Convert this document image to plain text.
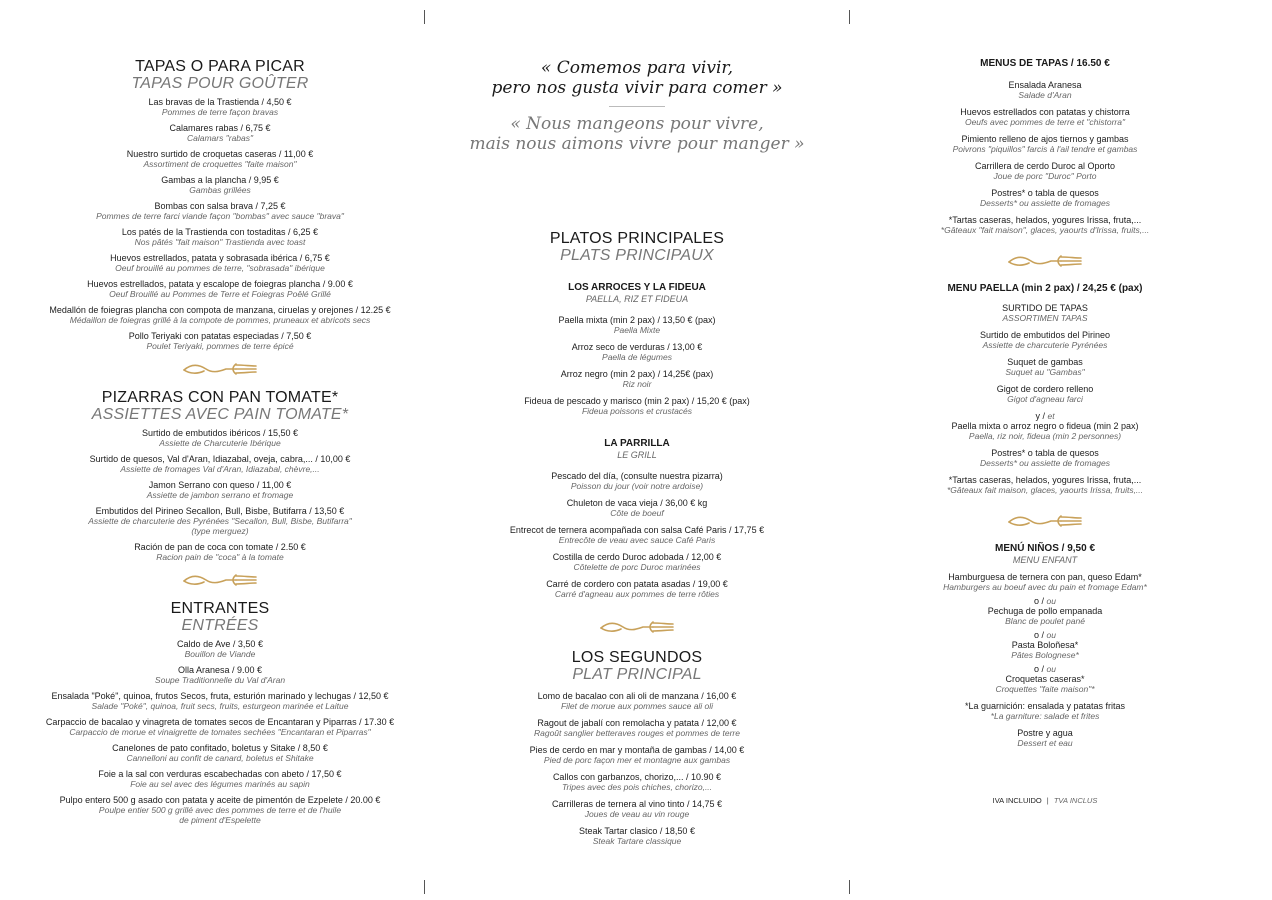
TAPAS O PARA PICAR
TAPAS POUR GOÛTER
Las bravas de la Trastienda / 4,50 €
Pommes de terre façon bravas
Calamares rabas / 6,75 €
Calamars "rabas"
Nuestro surtido de croquetas caseras / 11,00 €
Assortiment de croquettes "faite maison"
Gambas a la plancha / 9,95 €
Gambas grillées
Bombas con salsa brava / 7,25 €
Pommes de terre farci viande façon "bombas" avec sauce "brava"
Los patés de la Trastienda con tostaditas / 6,25 €
Nos pâtés "fait maison" Trastienda avec toast
Huevos estrellados, patata y sobrasada ibérica / 6,75 €
Oeuf brouillé au pommes de terre, "sobrasada" ibérique
Huevos estrellados, patata y escalope de foiegras plancha / 9.00 €
Oeuf Brouillé au Pommes de Terre et Foiegras Poêlé Grillé
Medallón de foiegras plancha con compota de manzana, ciruelas y orejones / 12.25 €
Médaillon de foiegras grillé à la compote de pommes, pruneaux et abricots secs
Pollo Teriyaki con patatas especiadas / 7,50 €
Poulet Teriyaki, pommes de terre épicé
PIZARRAS CON PAN TOMATE*
ASSIETTES AVEC PAIN TOMATE*
Surtido de embutidos ibéricos / 15,50 €
Assiette de Charcuterie Ibérique
Surtido de quesos, Val d'Aran, Idiazabal, oveja, cabra,... / 10,00 €
Assiette de fromages Val d'Aran, Idiazabal, chèvre,...
Jamon Serrano con queso / 11,00 €
Assiette de jambon serrano et fromage
Embutidos del Pirineo Secallon, Bull, Bisbe, Butifarra / 13,50 €
Assiette de charcuterie des Pyrénées "Secallon, Bull, Bisbe, Butifarra"
(type merguez)
Ración de pan de coca con tomate / 2.50 €
Racion pain de "coca" à la tomate
ENTRANTES
ENTRÉES
Caldo de Ave / 3,50 €
Bouillon de Viande
Olla Aranesa / 9.00 €
Soupe Traditionnelle du Val d'Aran
Ensalada "Poké", quinoa, frutos Secos, fruta, esturión marinado y lechugas / 12,50 €
Salade "Poké", quinoa, fruit secs, fruits, esturgeon marinée et Laitue
Carpaccio de bacalao y vinagreta de tomates secos de Encantaran y Piparras / 17.30 €
Carpaccio de morue et vinaigrette de tomates sechées "Encantaran et Piparras"
Canelones de pato confitado, boletus y Sitake / 8,50 €
Cannelloni au confit de canard, boletus et Shitake
Foie a la sal con verduras escabechadas con abeto / 17,50 €
Foie au sel avec des légumes marinés au sapin
Pulpo entero 500 g asado con patata y aceite de pimentón de Ezpelete / 20.00 €
Poulpe entier 500 g grillé avec des pommes de terre et de l'huile
de piment d'Espelette
« Comemos para vivir,
pero nos gusta vivir para comer »
« Nous mangeons pour vivre,
mais nous aimons vivre pour manger »
PLATOS PRINCIPALES
PLATS PRINCIPAUX
LOS ARROCES Y LA FIDEUA
PAELLA, RIZ ET FIDEUA
Paella mixta (min 2 pax) / 13,50 € (pax)
Paella Mixte
Arroz seco de verduras / 13,00 €
Paella de légumes
Arroz negro (min 2 pax) / 14,25€ (pax)
Riz noir
Fideua de pescado y marisco (min 2 pax) / 15,20 € (pax)
Fideua poissons et crustacés
LA PARRILLA
LE GRILL
Pescado del día, (consulte nuestra pizarra)
Poisson du jour (voir notre ardoise)
Chuleton de vaca vieja / 36,00 € kg
Côte de boeuf
Entrecot de ternera acompañada con salsa Café Paris / 17,75 €
Entrecôte de veau avec sauce Café Paris
Costilla de cerdo Duroc adobada / 12,00 €
Côtelette de porc Duroc marinées
Carré de cordero con patata asadas / 19,00 €
Carré d'agneau aux pommes de terre rôties
LOS SEGUNDOS
PLAT PRINCIPAL
Lomo de bacalao con ali oli de manzana / 16,00 €
Filet de morue aux pommes sauce ali oli
Ragout de jabalí con remolacha y patata / 12,00 €
Ragoût sanglier betteraves rouges et pommes de terre
Pies de cerdo en mar y montaña de gambas / 14,00 €
Pied de porc façon mer et montagne aux gambas
Callos con garbanzos, chorizo,... / 10.90 €
Tripes avec des pois chiches, chorizo,...
Carrilleras de ternera al vino tinto / 14,75 €
Joues de veau au vin rouge
Steak Tartar clasico / 18,50 €
Steak Tartare classique
MENUS DE TAPAS / 16.50 €
Ensalada Aranesa
Salade d'Aran
Huevos estrellados con patatas y chistorra
Oeufs avec pommes de terre et "chistorra"
Pimiento relleno de ajos tiernos y gambas
Poivrons "piquillos" farcis à l'ail tendre et gambas
Carrillera de cerdo Duroc al Oporto
Joue de porc "Duroc" Porto
Postres* o tabla de quesos
Desserts* ou assiette de fromages
*Tartas caseras, helados, yogures Irissa, fruta,...
*Gâteaux "fait maison", glaces, yaourts d'Irissa, fruits,...
MENU PAELLA (min 2 pax) / 24,25 € (pax)
SURTIDO DE TAPAS
ASSORTIMEN TAPAS
Surtido de embutidos del Pirineo
Assiette de charcuterie Pyrénées
Suquet de gambas
Suquet au "Gambas"
Gigot de cordero relleno
Gigot d'agneau farci
y / et
Paella mixta o arroz negro o fideua (min 2 pax)
Paella, riz noir, fideua (min 2 personnes)
Postres* o tabla de quesos
Desserts* ou assiette de fromages
*Tartas caseras, helados, yogures Irissa, fruta,...
*Gâteaux fait maison, glaces, yaourts Irissa, fruits,...
MENÚ NIÑOS / 9,50 €
MENU ENFANT
Hamburguesa de ternera con pan, queso Edam*
Hamburgers au boeuf avec du pain et fromage Edam*
o / ou
Pechuga de pollo empanada
Blanc de poulet pané
o / ou
Pasta Boloñesa*
Pâtes Bolognese*
o / ou
Croquetas caseras*
Croquettes "faite maison"*
*La guarnición: ensalada y patatas fritas
*La garniture: salade et frites
Postre y agua
Dessert et eau
IVA INCLUIDO | TVA INCLUS
